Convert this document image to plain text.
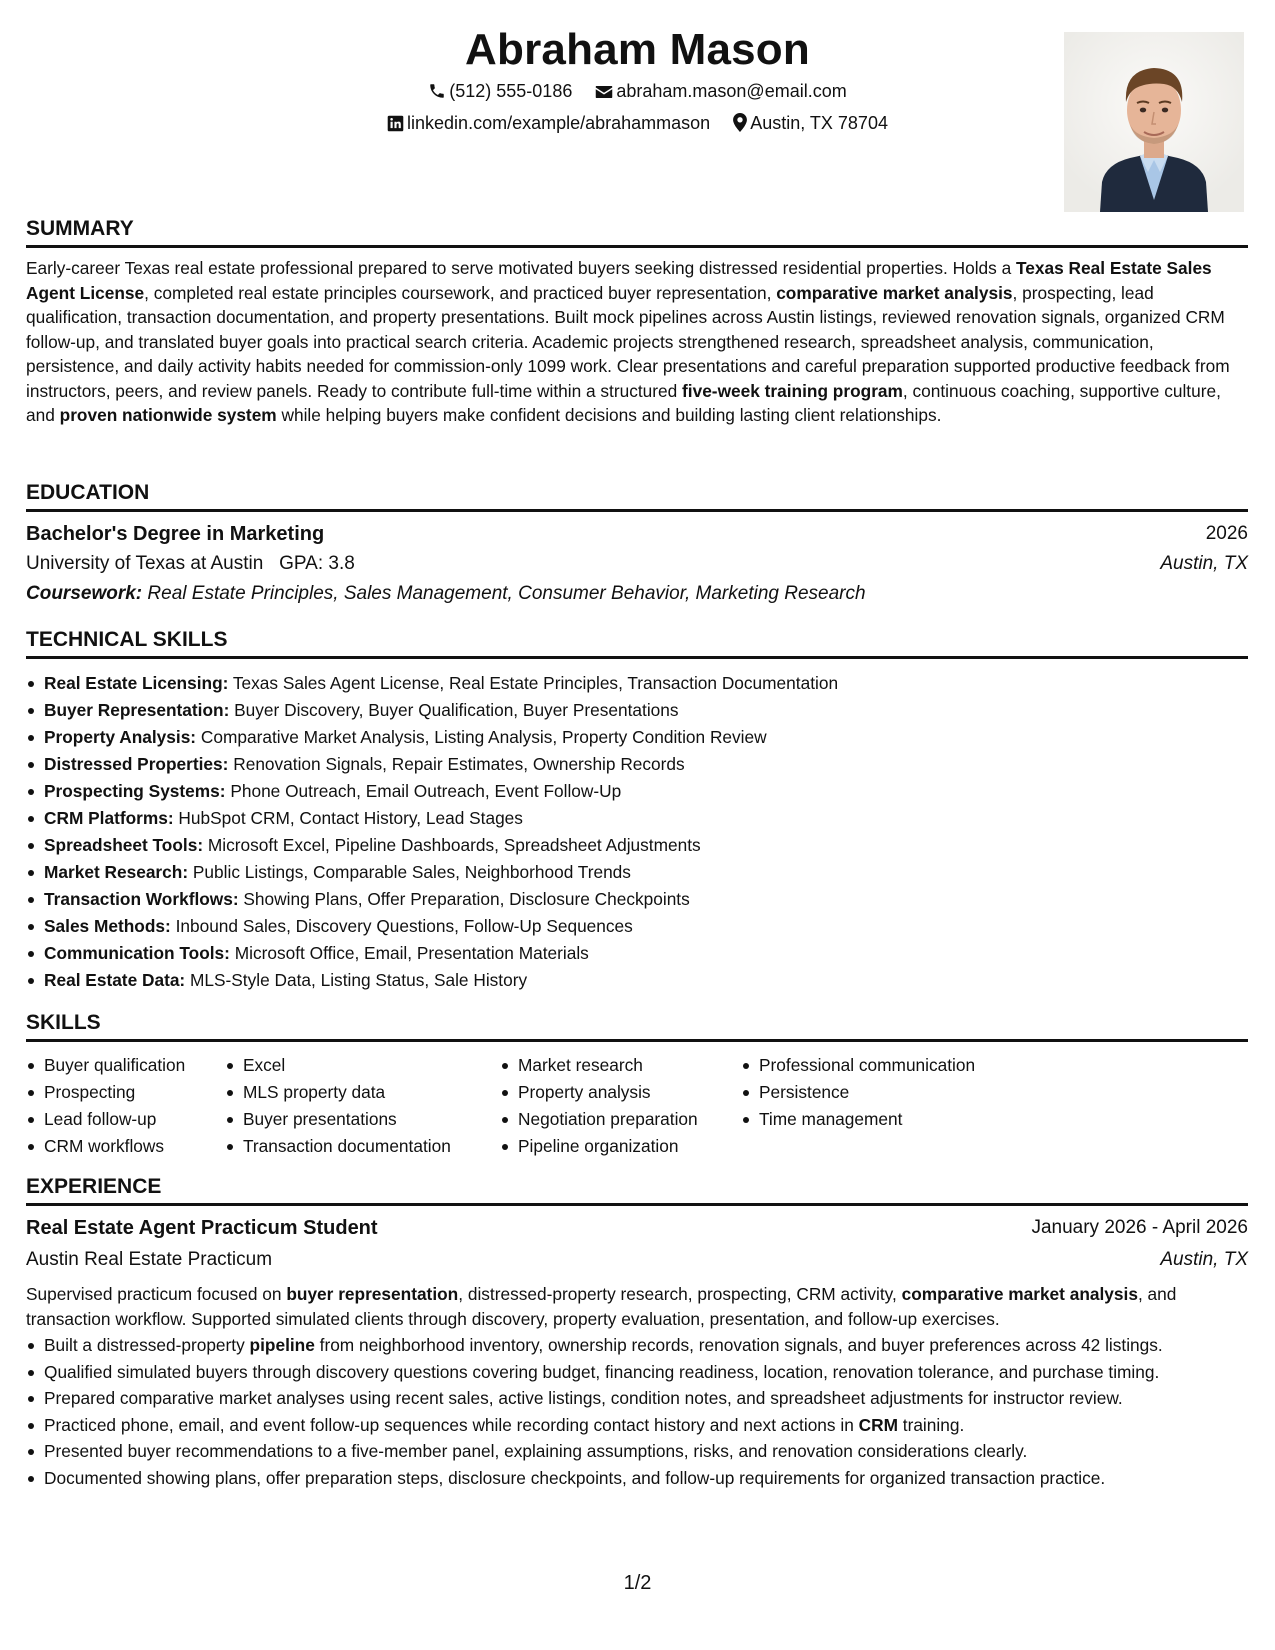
Abraham Mason
(512) 555-0186 abraham.mason@email.com
linkedin.com/example/abrahammason Austin, TX 78704
SUMMARY
Early-career Texas real estate professional prepared to serve motivated buyers seeking distressed residential properties. Holds a Texas Real Estate Sales Agent License, completed real estate principles coursework, and practiced buyer representation, comparative market analysis, prospecting, lead qualification, transaction documentation, and property presentations. Built mock pipelines across Austin listings, reviewed renovation signals, organized CRM follow-up, and translated buyer goals into practical search criteria. Academic projects strengthened research, spreadsheet analysis, communication, persistence, and daily activity habits needed for commission-only 1099 work. Clear presentations and careful preparation supported productive feedback from instructors, peers, and review panels. Ready to contribute full-time within a structured five-week training program, continuous coaching, supportive culture, and proven nationwide system while helping buyers make confident decisions and building lasting client relationships.
EDUCATION
Bachelor's Degree in Marketing	2026
University of Texas at Austin GPA: 3.8	Austin, TX
Coursework: Real Estate Principles, Sales Management, Consumer Behavior, Marketing Research
TECHNICAL SKILLS
Real Estate Licensing: Texas Sales Agent License, Real Estate Principles, Transaction Documentation
Buyer Representation: Buyer Discovery, Buyer Qualification, Buyer Presentations
Property Analysis: Comparative Market Analysis, Listing Analysis, Property Condition Review
Distressed Properties: Renovation Signals, Repair Estimates, Ownership Records
Prospecting Systems: Phone Outreach, Email Outreach, Event Follow-Up
CRM Platforms: HubSpot CRM, Contact History, Lead Stages
Spreadsheet Tools: Microsoft Excel, Pipeline Dashboards, Spreadsheet Adjustments
Market Research: Public Listings, Comparable Sales, Neighborhood Trends
Transaction Workflows: Showing Plans, Offer Preparation, Disclosure Checkpoints
Sales Methods: Inbound Sales, Discovery Questions, Follow-Up Sequences
Communication Tools: Microsoft Office, Email, Presentation Materials
Real Estate Data: MLS-Style Data, Listing Status, Sale History
SKILLS
Buyer qualification
Prospecting
Lead follow-up
CRM workflows
Excel
MLS property data
Buyer presentations
Transaction documentation
Market research
Property analysis
Negotiation preparation
Pipeline organization
Professional communication
Persistence
Time management
EXPERIENCE
Real Estate Agent Practicum Student	January 2026 - April 2026
Austin Real Estate Practicum	Austin, TX
Supervised practicum focused on buyer representation, distressed-property research, prospecting, CRM activity, comparative market analysis, and transaction workflow. Supported simulated clients through discovery, property evaluation, presentation, and follow-up exercises.
Built a distressed-property pipeline from neighborhood inventory, ownership records, renovation signals, and buyer preferences across 42 listings.
Qualified simulated buyers through discovery questions covering budget, financing readiness, location, renovation tolerance, and purchase timing.
Prepared comparative market analyses using recent sales, active listings, condition notes, and spreadsheet adjustments for instructor review.
Practiced phone, email, and event follow-up sequences while recording contact history and next actions in CRM training.
Presented buyer recommendations to a five-member panel, explaining assumptions, risks, and renovation considerations clearly.
Documented showing plans, offer preparation steps, disclosure checkpoints, and follow-up requirements for organized transaction practice.
1/2
